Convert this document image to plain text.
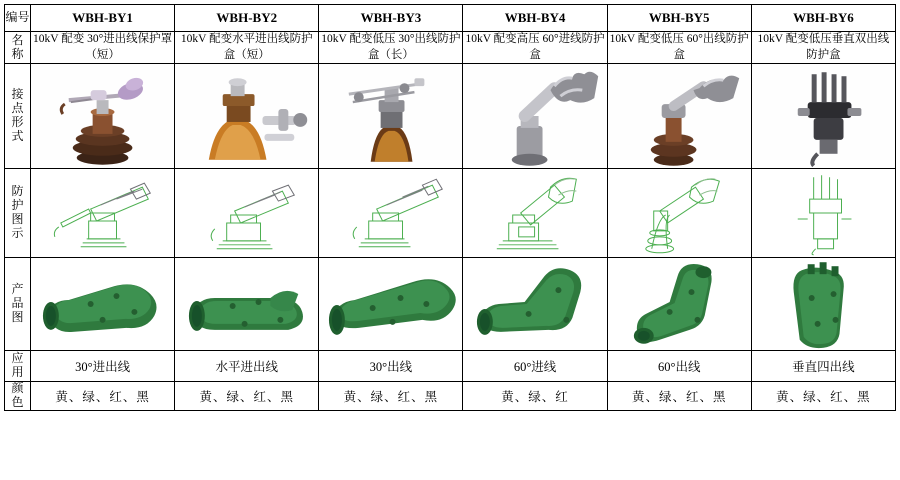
编号	WBH-BY1	WBH-BY2	WBH-BY3	WBH-BY4	WBH-BY5	WBH-BY6

名
称	10kV 配变 30°进出线保护罩（短）	10kV 配变水平进出线防护盒（短）	10kV 配变低压 30°出线防护盒（长）	10kV 配变高压 60°进线防护盒	10kV 配变低压 60°出线防护盒	10kV 配变低压垂直双出线防护盒

接
点
形
式

防
护
图
示

产
品
图

应
用	30°进出线	水平进出线	30°出线	60°进线	60°出线	垂直四出线

颜
色	黄、绿、红、黑	黄、绿、红、黑	黄、绿、红、黑	黄、绿、红	黄、绿、红、黑	黄、绿、红、黑
